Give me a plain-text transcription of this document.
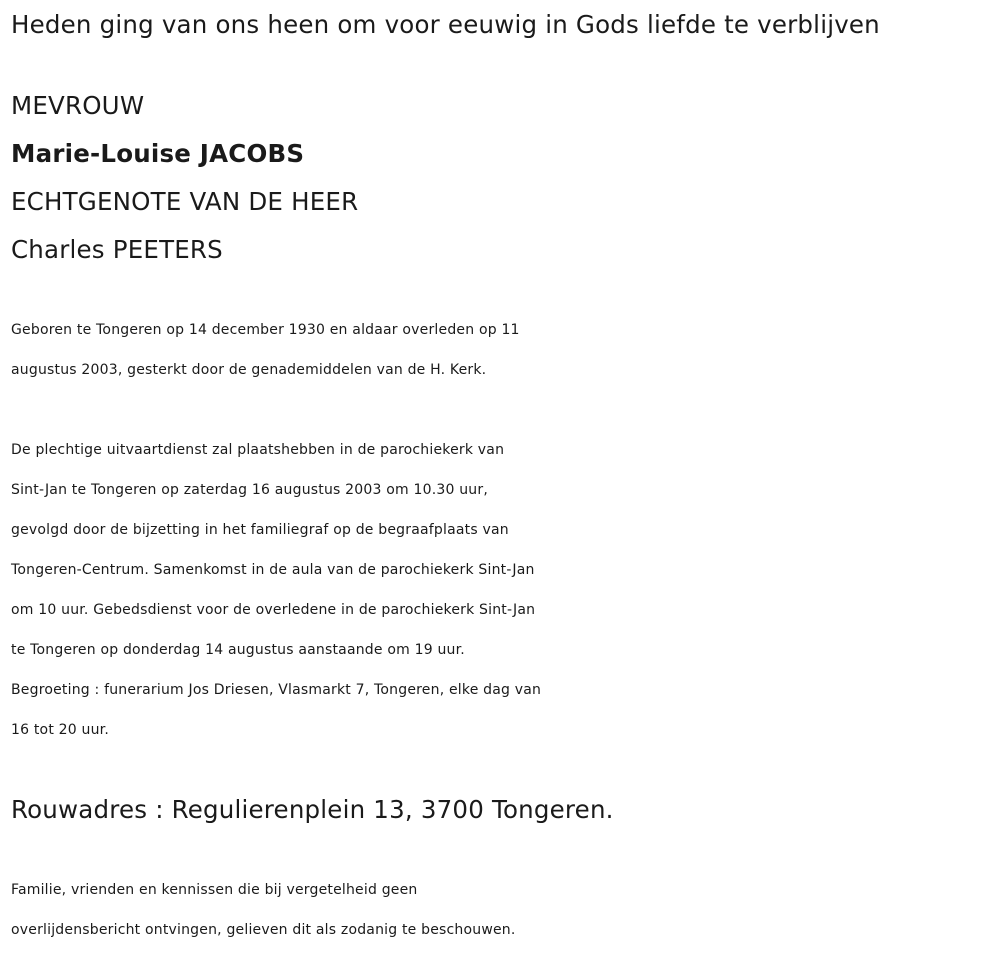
Heden ging van ons heen om voor eeuwig in Gods liefde te verblijven
MEVROUW
Marie-Louise JACOBS
ECHTGENOTE VAN DE HEER
Charles PEETERS
Geboren te Tongeren op 14 december 1930 en aldaar overleden op 11
augustus 2003, gesterkt door de genademiddelen van de H. Kerk.
De plechtige uitvaartdienst zal plaatshebben in de parochiekerk van
Sint-Jan te Tongeren op zaterdag 16 augustus 2003 om 10.30 uur,
gevolgd door de bijzetting in het familiegraf op de begraafplaats van
Tongeren-Centrum. Samenkomst in de aula van de parochiekerk Sint-Jan
om 10 uur. Gebedsdienst voor de overledene in de parochiekerk Sint-Jan
te Tongeren op donderdag 14 augustus aanstaande om 19 uur.
Begroeting : funerarium Jos Driesen, Vlasmarkt 7, Tongeren, elke dag van
16 tot 20 uur.
Rouwadres : Regulierenplein 13, 3700 Tongeren.
Familie, vrienden en kennissen die bij vergetelheid geen
overlijdensbericht ontvingen, gelieven dit als zodanig te beschouwen.
